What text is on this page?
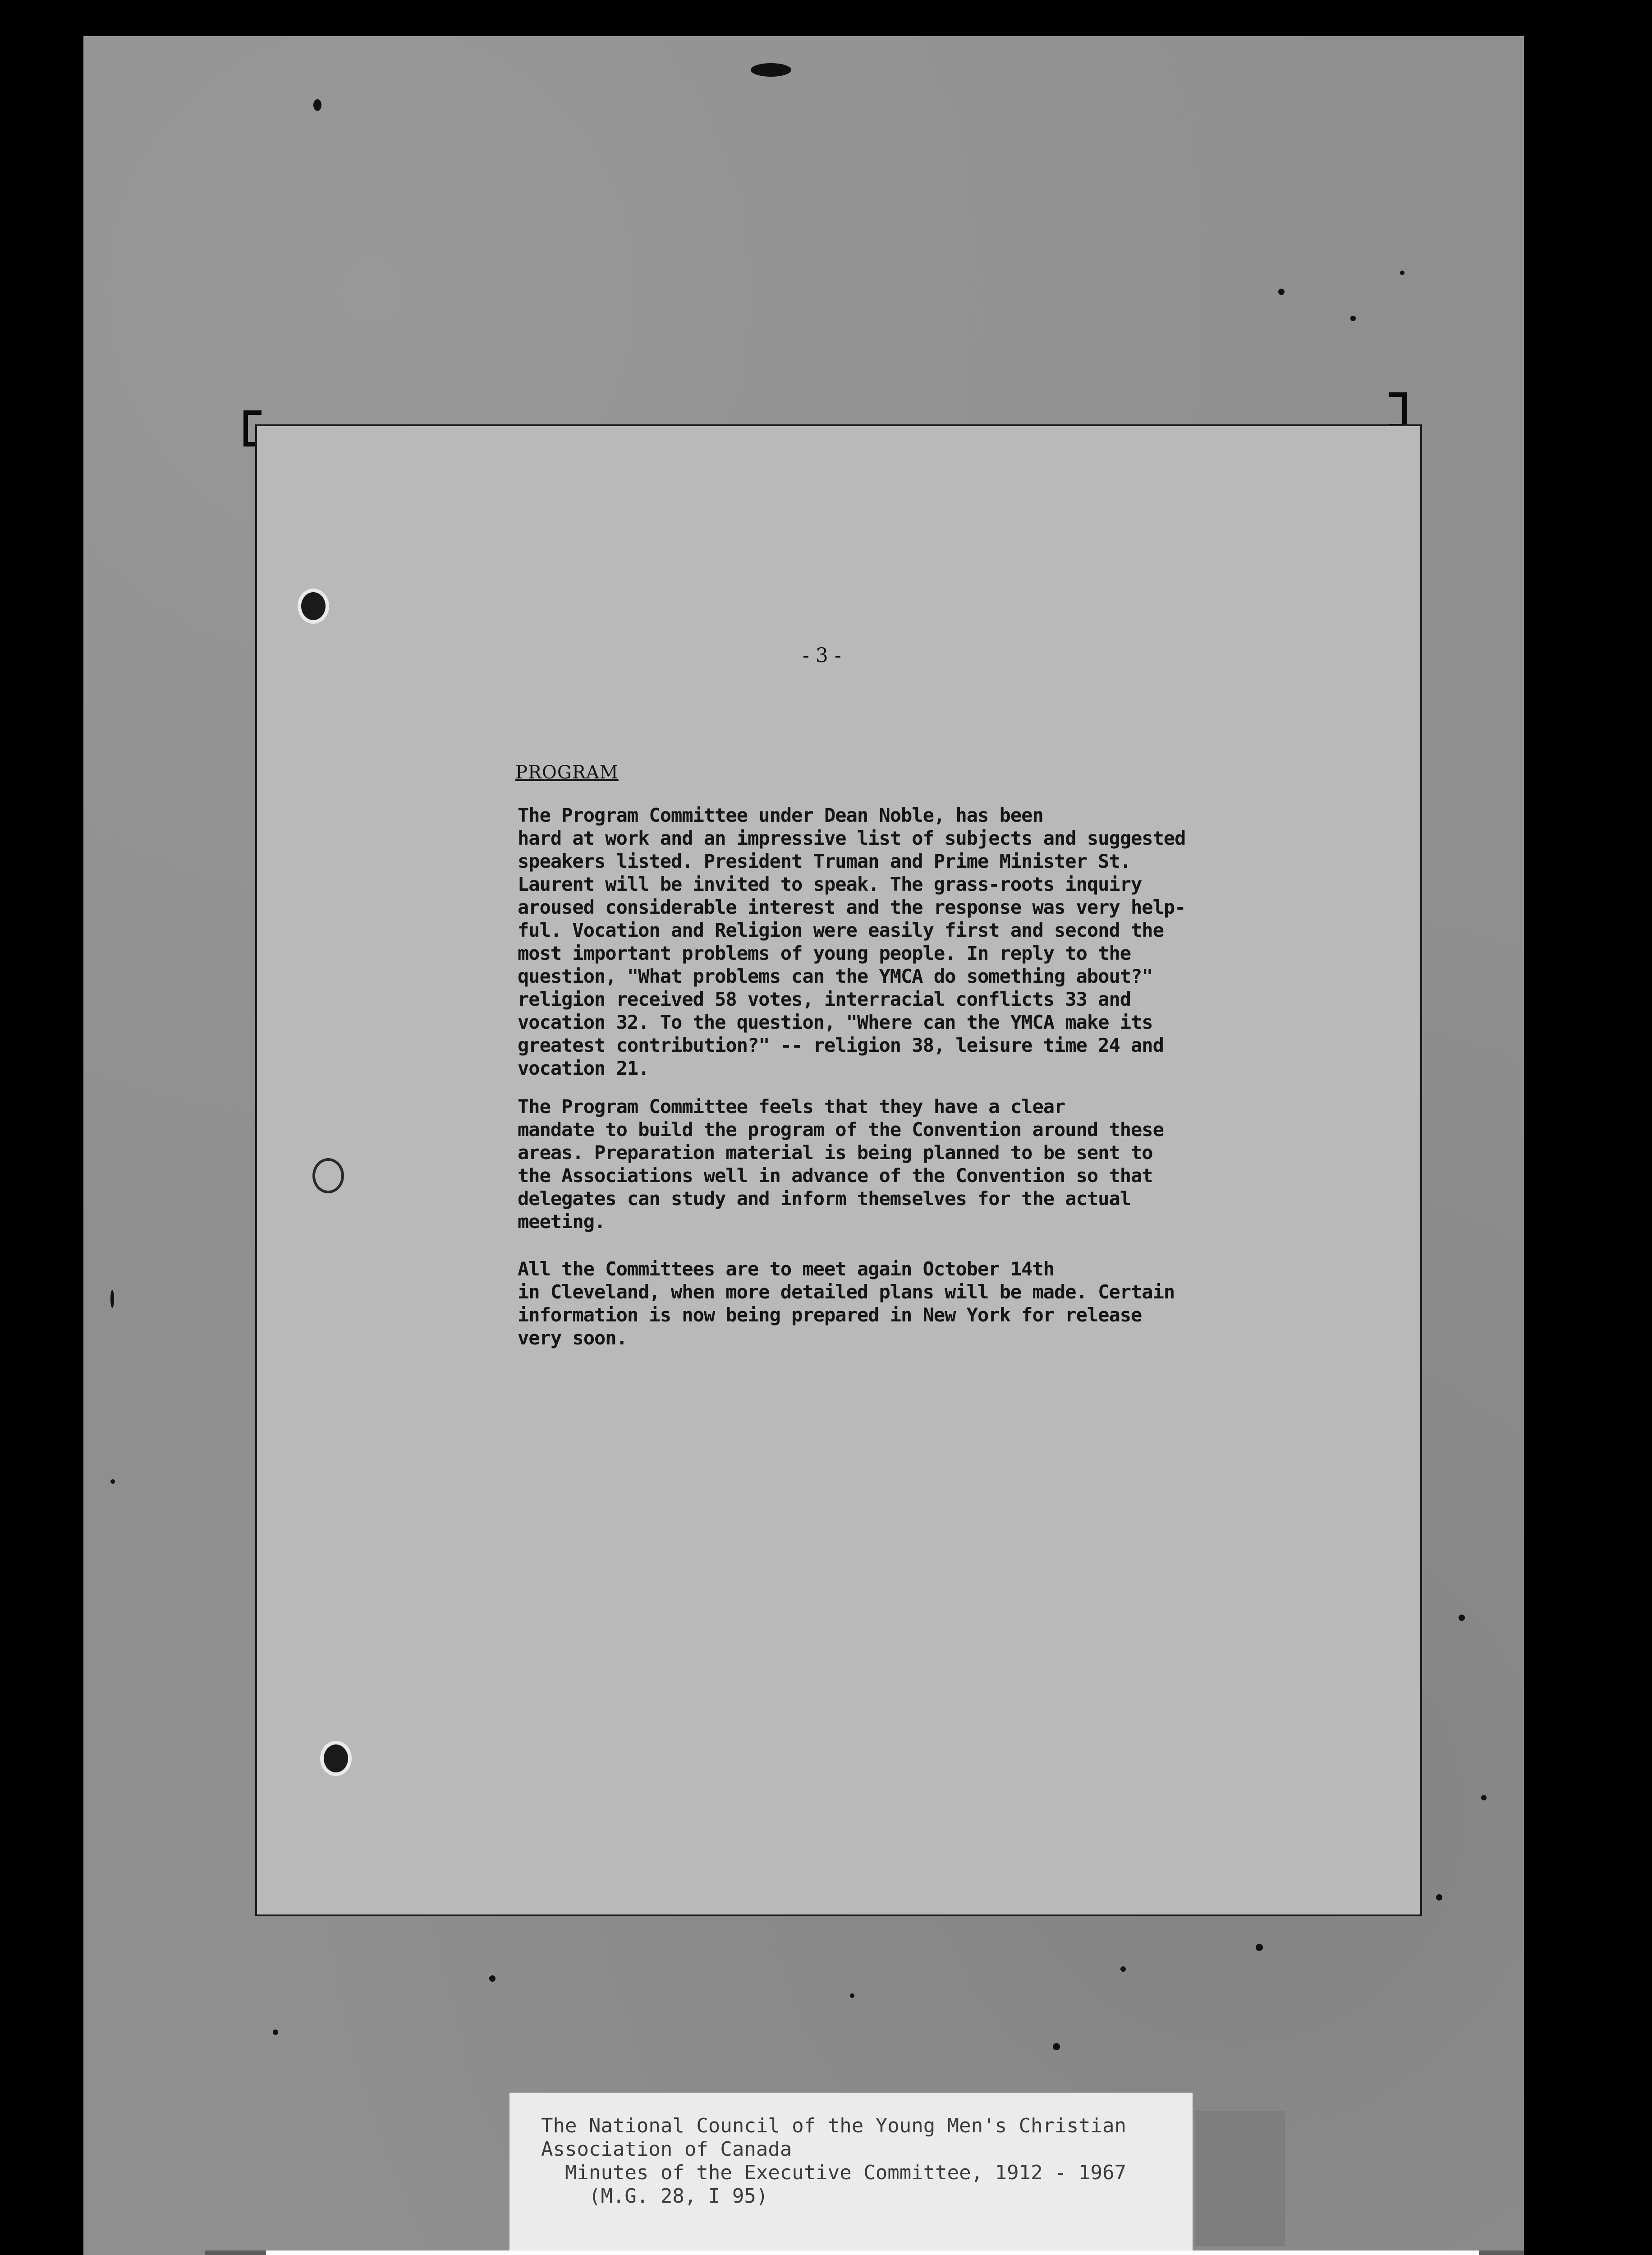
- 3 -
PROGRAM

The Program Committee under Dean Noble, has been
hard at work and an impressive list of subjects and suggested
speakers listed. President Truman and Prime Minister St.
Laurent will be invited to speak. The grass-roots inquiry
aroused considerable interest and the response was very help-
ful. Vocation and Religion were easily first and second the
most important problems of young people. In reply to the
question, "What problems can the YMCA do something about?"
religion received 58 votes, interracial conflicts 33 and
vocation 32. To the question, "Where can the YMCA make its
greatest contribution?" -- religion 38, leisure time 24 and
vocation 21.

The Program Committee feels that they have a clear
mandate to build the program of the Convention around these
areas. Preparation material is being planned to be sent to
the Associations well in advance of the Convention so that
delegates can study and inform themselves for the actual
meeting.

All the Committees are to meet again October 14th
in Cleveland, when more detailed plans will be made. Certain
information is now being prepared in New York for release
very soon.

The National Council of the Young Men's Christian
Association of Canada
Minutes of the Executive Committee, 1912 - 1967
(M.G. 28, I 95)
